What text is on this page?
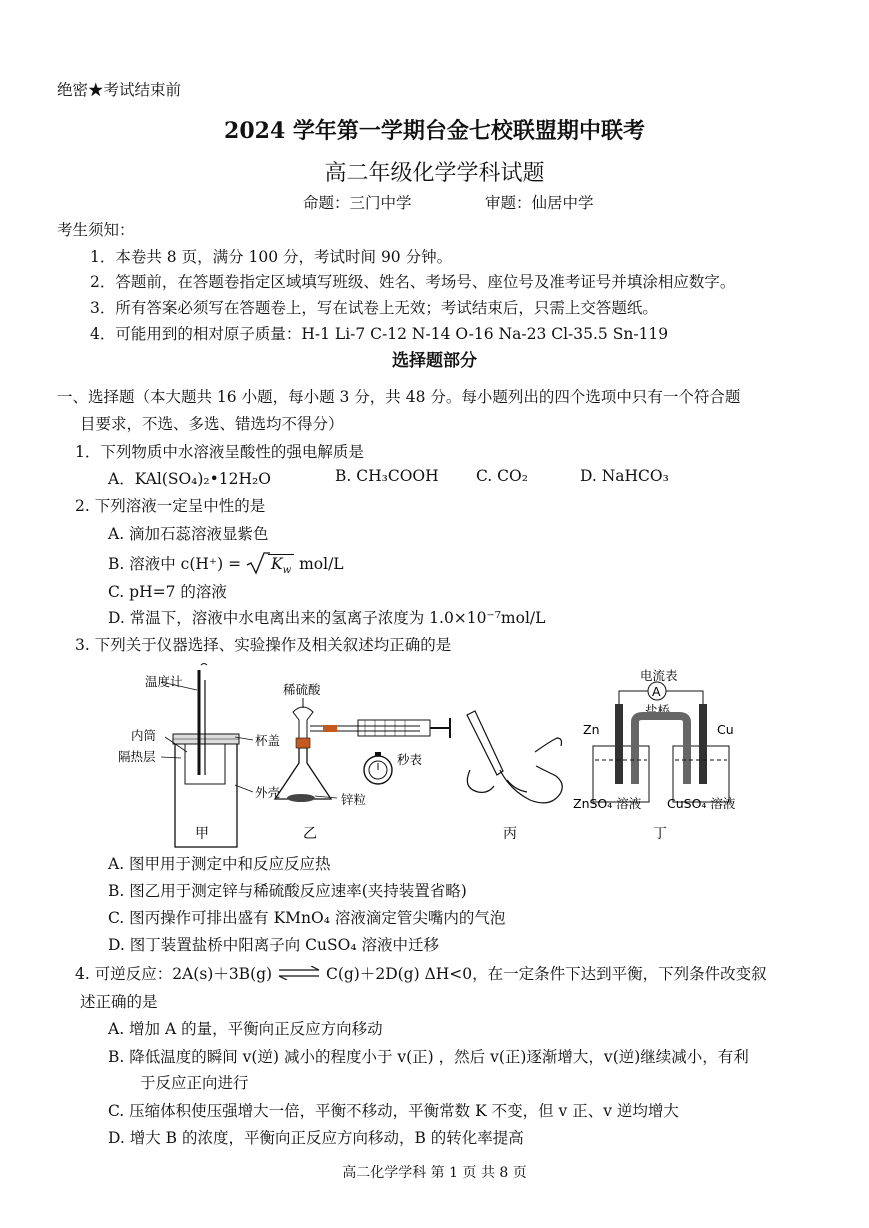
绝密★考试结束前
2024 学年第一学期台金七校联盟期中联考
高二年级化学学科试题
命题：三门中学	审题：仙居中学
考生须知：
1．本卷共 8 页，满分 100 分，考试时间 90 分钟。
2．答题前，在答题卷指定区域填写班级、姓名、考场号、座位号及准考证号并填涂相应数字。
3．所有答案必须写在答题卷上，写在试卷上无效；考试结束后，只需上交答题纸。
4．可能用到的相对原子质量：H-1 Li-7 C-12 N-14 O-16 Na-23 Cl-35.5 Sn-119
选择题部分
一、选择题（本大题共 16 小题，每小题 3 分，共 48 分。每小题列出的四个选项中只有一个符合题
目要求，不选、多选、错选均不得分）
1．下列物质中水溶液呈酸性的强电解质是
A．KAl(SO₄)₂•12H₂O	B. CH₃COOH C. CO₂	D. NaHCO₃
2. 下列溶液一定呈中性的是
A. 滴加石蕊溶液显紫色
B. 溶液中 $c(H^+) = K_w$ mol/L
C. pH=7 的溶液
D. 常温下，溶液中水电离出来的氢离子浓度为 1.0×10⁻⁷mol/L
3. 下列关于仪器选择、实验操作及相关叙述均正确的是
温度计
内筒
隔热层
杯盖
外壳
稀硫酸
秒表
锌粒
电流表
A
盐桥
Zn	Cu
ZnSO₄ 溶液 CuSO₄ 溶液
甲	乙	丙	丁
A. 图甲用于测定中和反应反应热
B. 图乙用于测定锌与稀硫酸反应速率(夹持装置省略)
C. 图丙操作可排出盛有 KMnO₄ 溶液滴定管尖嘴内的气泡
D. 图丁装置盐桥中阳离子向 CuSO₄ 溶液中迁移
4. 可逆反应：2A(s)＋3B(g) ⇌ C(g)＋2D(g) ΔH<0，在一定条件下达到平衡，下列条件改变叙
述正确的是
A. 增加 A 的量，平衡向正反应方向移动
B. 降低温度的瞬间 v(逆) 减小的程度小于 v(正) ，然后 v(正)逐渐增大，v(逆)继续减小，有利
于反应正向进行
C. 压缩体积使压强增大一倍，平衡不移动，平衡常数 K 不变，但 v 正、v 逆均增大
D. 增大 B 的浓度，平衡向正反应方向移动，B 的转化率提高
高二化学学科 第 1 页 共 8 页
